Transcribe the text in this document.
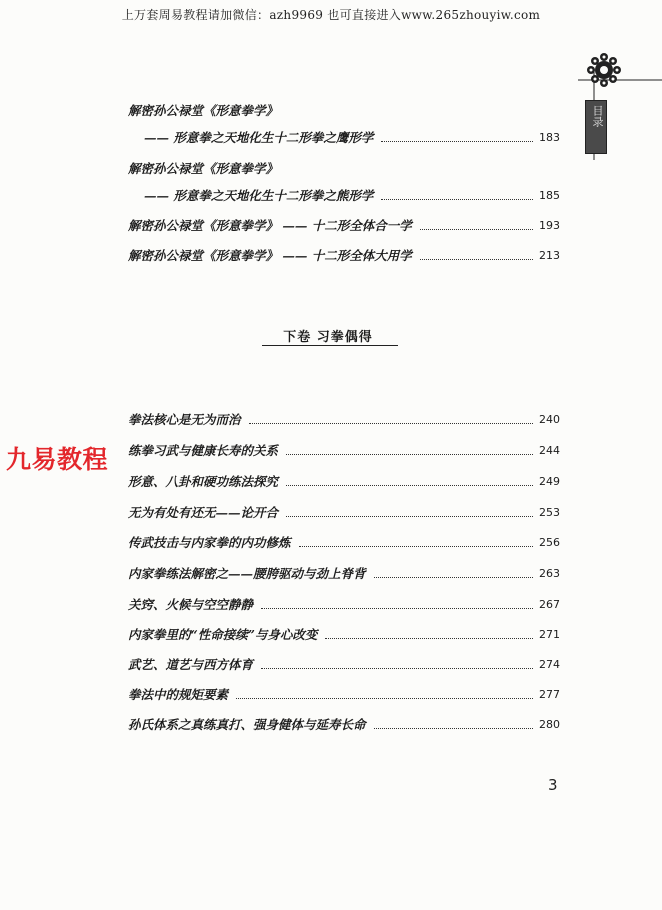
上万套周易教程请加微信：azh9969 也可直接进入www.265zhouyiw.com
九易教程
目录
解密孙公禄堂《形意拳学》
—— 形意拳之天地化生十二形拳之鹰形学	183
解密孙公禄堂《形意拳学》
—— 形意拳之天地化生十二形拳之熊形学	185
解密孙公禄堂《形意拳学》 —— 十二形全体合一学	193
解密孙公禄堂《形意拳学》 —— 十二形全体大用学	213
下卷 习拳偶得
拳法核心是无为而治	240
练拳习武与健康长寿的关系	244
形意、八卦和硬功练法探究	249
无为有处有还无——论开合	253
传武技击与内家拳的内功修炼	256
内家拳练法解密之——腰胯驱动与劲上脊背	263
关窍、火候与空空静静	267
内家拳里的“性命接续”与身心改变	271
武艺、道艺与西方体育	274
拳法中的规矩要素	277
孙氏体系之真练真打、强身健体与延寿长命	280
3
